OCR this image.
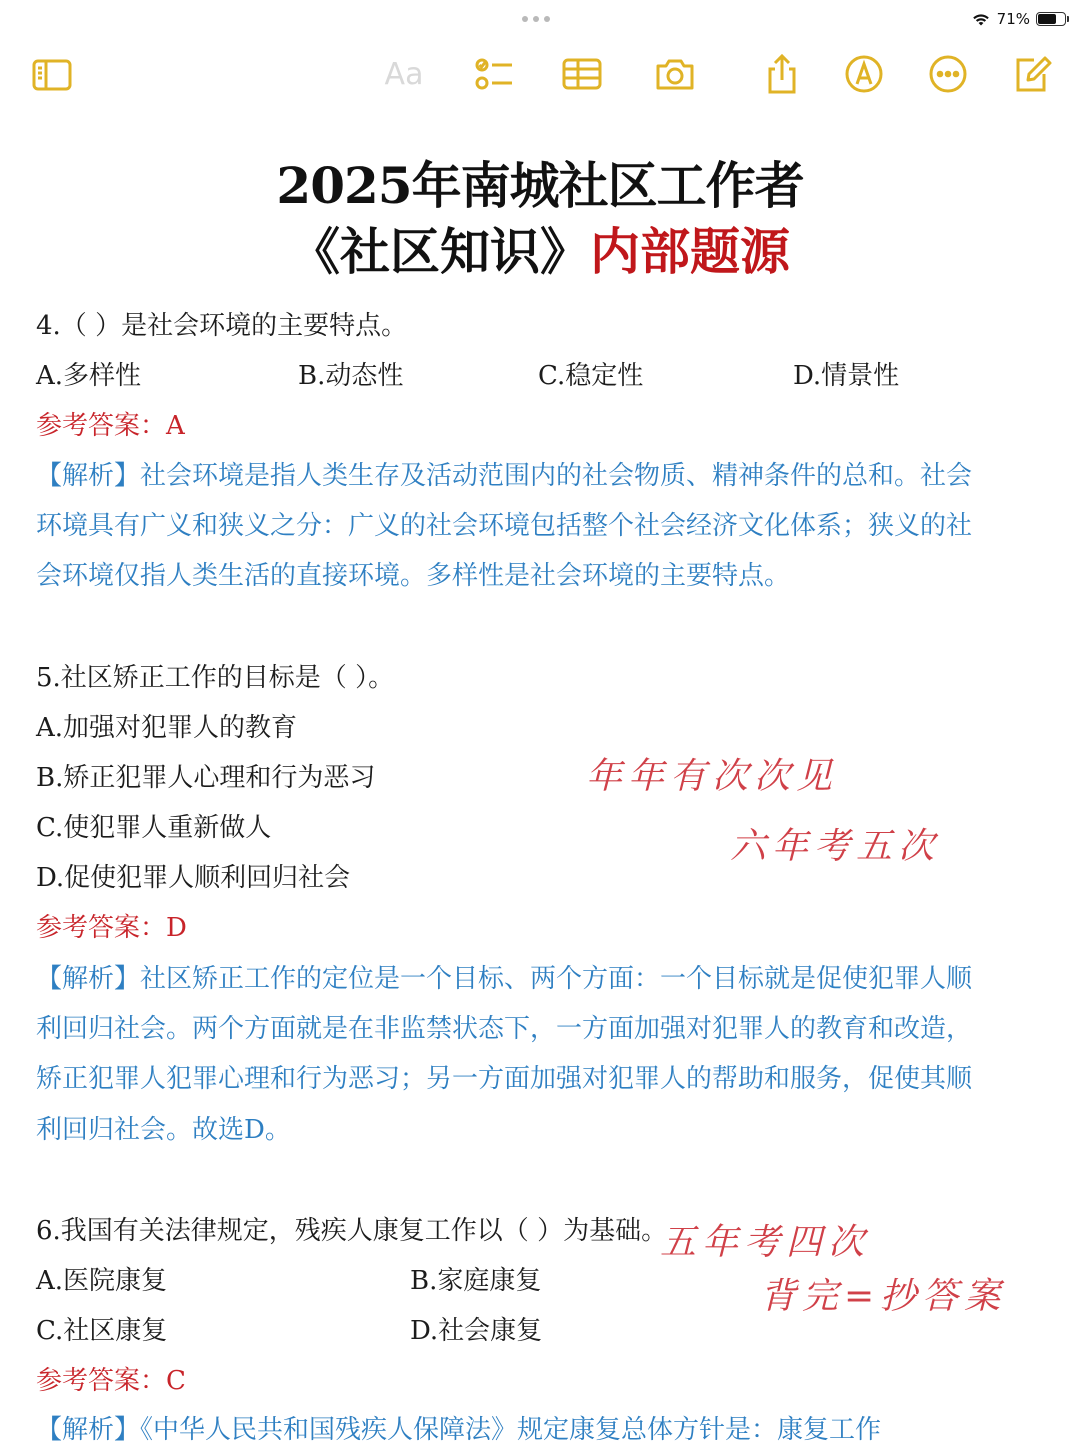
71%
Aa
2025年南城社区工作者
《社区知识》内部题源
4.（ ）是社会环境的主要特点。
A.多样性	B.动态性	C.稳定性	D.情景性
参考答案：A
【解析】社会环境是指人类生存及活动范围内的社会物质、精神条件的总和。社会
环境具有广义和狭义之分：广义的社会环境包括整个社会经济文化体系；狭义的社
会环境仅指人类生活的直接环境。多样性是社会环境的主要特点。
5.社区矫正工作的目标是（ ）。
A.加强对犯罪人的教育
B.矫正犯罪人心理和行为恶习
C.使犯罪人重新做人
D.促使犯罪人顺利回归社会
参考答案：D
【解析】社区矫正工作的定位是一个目标、两个方面：一个目标就是促使犯罪人顺
利回归社会。两个方面就是在非监禁状态下，一方面加强对犯罪人的教育和改造，
矫正犯罪人犯罪心理和行为恶习；另一方面加强对犯罪人的帮助和服务，促使其顺
利回归社会。故选D。
6.我国有关法律规定，残疾人康复工作以（ ）为基础。
A.医院康复	B.家庭康复
C.社区康复	D.社会康复
参考答案：C
【解析】《中华人民共和国残疾人保障法》规定康复总体方针是：康复工作
年年有次次见
六年考五次
五年考四次
背完=抄答案
